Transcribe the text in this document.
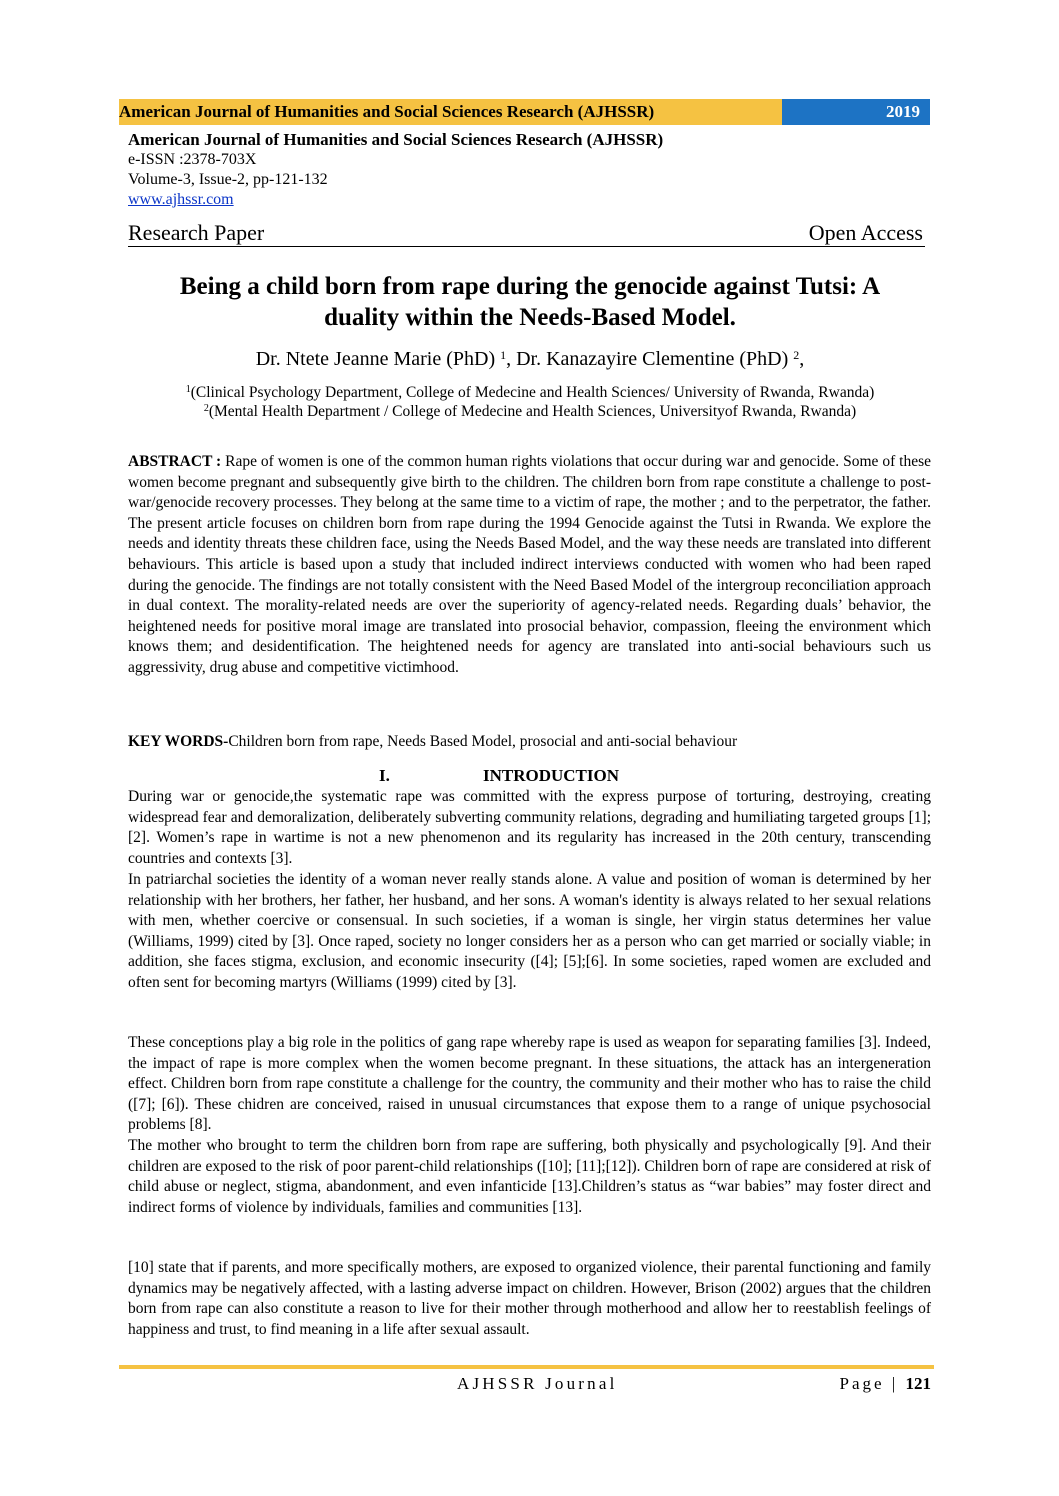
American Journal of Humanities and Social Sciences Research (AJHSSR)	2019
American Journal of Humanities and Social Sciences Research (AJHSSR)
e-ISSN :2378-703X
Volume-3, Issue-2, pp-121-132
www.ajhssr.com
Research Paper	Open Access
Being a child born from rape during the genocide against Tutsi: A
duality within the Needs-Based Model.
Dr. Ntete Jeanne Marie (PhD) $^1$, Dr. Kanazayire Clementine (PhD) $^2$,
$^1$(Clinical Psychology Department, College of Medecine and Health Sciences/ University of Rwanda, Rwanda)
$^2$(Mental Health Department / College of Medecine and Health Sciences, Universityof Rwanda, Rwanda)
ABSTRACT : Rape of women is one of the common human rights violations that occur during war and genocide. Some of these women become pregnant and subsequently give birth to the children. The children born from rape constitute a challenge to post-war/genocide recovery processes. They belong at the same time to a victim of rape, the mother ; and to the perpetrator, the father. The present article focuses on children born from rape during the 1994 Genocide against the Tutsi in Rwanda. We explore the needs and identity threats these children face, using the Needs Based Model, and the way these needs are translated into different behaviours. This article is based upon a study that included indirect interviews conducted with women who had been raped during the genocide. The findings are not totally consistent with the Need Based Model of the intergroup reconciliation approach in dual context. The morality-related needs are over the superiority of agency-related needs. Regarding duals’ behavior, the heightened needs for positive moral image are translated into prosocial behavior, compassion, fleeing the environment which knows them; and desidentification. The heightened needs for agency are translated into anti-social behaviours such us aggressivity, drug abuse and competitive victimhood.
KEY WORDS-Children born from rape, Needs Based Model, prosocial and anti-social behaviour
I.	INTRODUCTION
During war or genocide,the systematic rape was committed with the express purpose of torturing, destroying, creating widespread fear and demoralization, deliberately subverting community relations, degrading and humiliating targeted groups [1]; [2]. Women’s rape in wartime is not a new phenomenon and its regularity has increased in the 20th century, transcending countries and contexts [3].
In patriarchal societies the identity of a woman never really stands alone. A value and position of woman is determined by her relationship with her brothers, her father, her husband, and her sons. A woman's identity is always related to her sexual relations with men, whether coercive or consensual. In such societies, if a woman is single, her virgin status determines her value (Williams, 1999) cited by [3]. Once raped, society no longer considers her as a person who can get married or socially viable; in addition, she faces stigma, exclusion, and economic insecurity ([4]; [5];[6]. In some societies, raped women are excluded and often sent for becoming martyrs (Williams (1999) cited by [3].
These conceptions play a big role in the politics of gang rape whereby rape is used as weapon for separating families [3]. Indeed, the impact of rape is more complex when the women become pregnant. In these situations, the attack has an intergeneration effect. Children born from rape constitute a challenge for the country, the community and their mother who has to raise the child ([7]; [6]). These chidren are conceived, raised in unusual circumstances that expose them to a range of unique psychosocial problems [8].
The mother who brought to term the children born from rape are suffering, both physically and psychologically [9]. And their children are exposed to the risk of poor parent-child relationships ([10]; [11];[12]). Children born of rape are considered at risk of child abuse or neglect, stigma, abandonment, and even infanticide [13].Children’s status as “war babies” may foster direct and indirect forms of violence by individuals, families and communities [13].
[10] state that if parents, and more specifically mothers, are exposed to organized violence, their parental functioning and family dynamics may be negatively affected, with a lasting adverse impact on children. However, Brison (2002) argues that the children born from rape can also constitute a reason to live for their mother through motherhood and allow her to reestablish feelings of happiness and trust, to find meaning in a life after sexual assault.
AJHSSR Journal	Page | 121
